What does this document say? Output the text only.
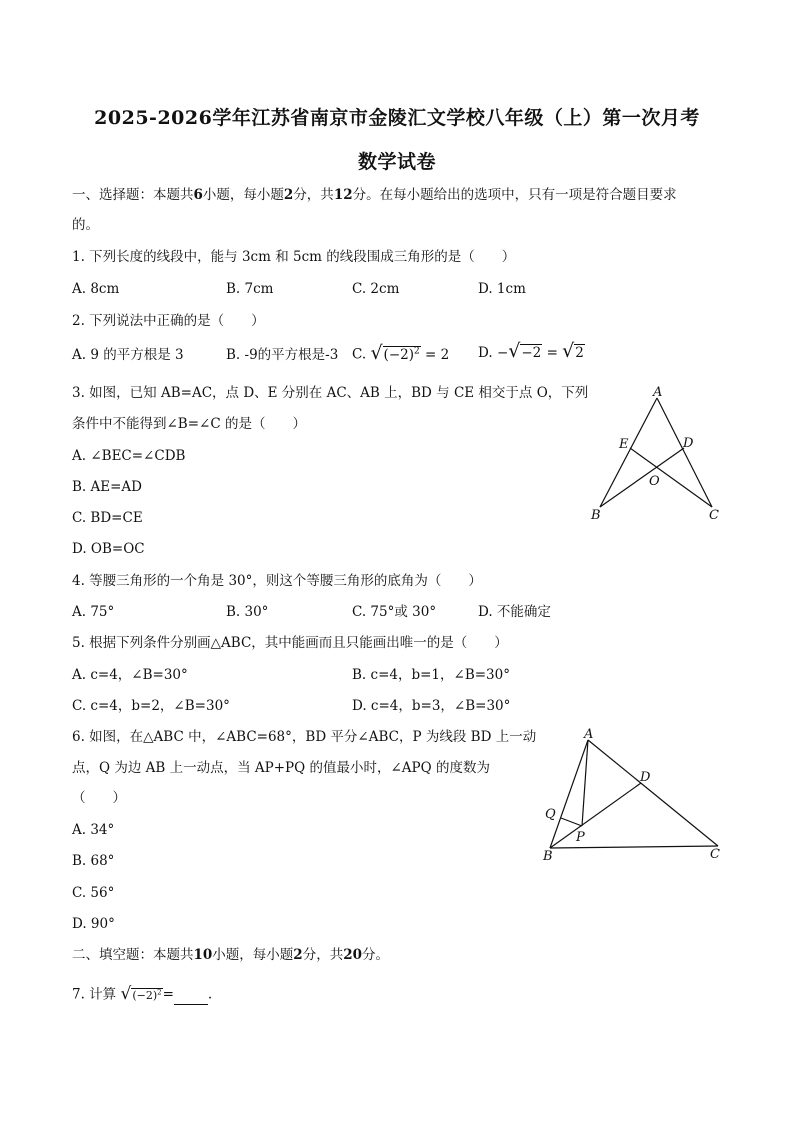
2025-2026学年江苏省南京市金陵汇文学校八年级（上）第一次月考
数学试卷
一、选择题：本题共6小题，每小题2分，共12分。在每小题给出的选项中，只有一项是符合题目要求
的。
1. 下列长度的线段中，能与 3cm 和 5cm 的线段围成三角形的是（　　）
A. 8cm	B. 7cm	C. 2cm	D. 1cm
2. 下列说法中正确的是（　　）
A. 9 的平方根是 3	B. -9的平方根是-3 C. $√(-2)^2 = 2$ D. −√−2 = √2
3. 如图，已知 AB=AC，点 D、E 分别在 AC、AB 上，BD 与 CE 相交于点 O，下列
条件中不能得到∠B=∠C 的是（　　）
A. ∠BEC=∠CDB
B. AE=AD
C. BD=CE
D. OB=OC
A
E	D
O
B	C
4. 等腰三角形的一个角是 30°，则这个等腰三角形的底角为（　　）
A. 75°	B. 30°	C. 75°或 30°	D. 不能确定
5. 根据下列条件分别画△ABC，其中能画而且只能画出唯一的是（　　）
A. c=4，∠B=30°	B. c=4，b=1，∠B=30°
C. c=4，b=2，∠B=30°	D. c=4，b=3，∠B=30°
6. 如图，在△ABC 中，∠ABC=68°，BD 平分∠ABC，P 为线段 BD 上一动
点，Q 为边 AB 上一动点，当 AP+PQ 的值最小时，∠APQ 的度数为
（　　）
A. 34°
B. 68°
C. 56°
D. 90°
A
D
Q
P
B	C
二、填空题：本题共10小题，每小题2分，共20分。
7. 计算 $√(-2)^2=$	.
